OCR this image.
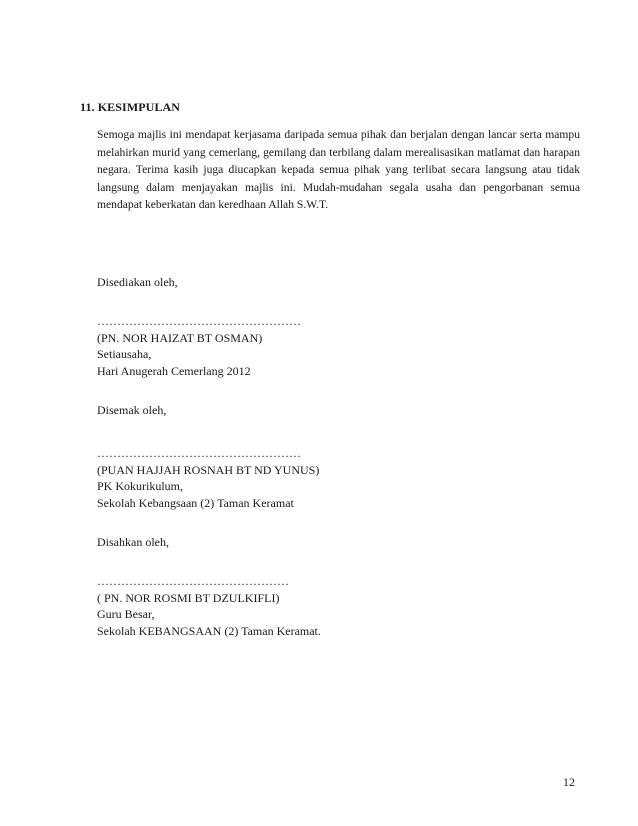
11. KESIMPULAN
Semoga majlis ini mendapat kerjasama daripada semua pihak dan berjalan dengan lancar serta mampu melahirkan murid yang cemerlang, gemilang dan terbilang dalam merealisasikan matlamat dan harapan negara. Terima kasih juga diucapkan kepada semua pihak yang terlibat secara langsung atau tidak langsung dalam menjayakan majlis ini. Mudah-mudahan segala usaha dan pengorbanan semua mendapat keberkatan dan keredhaan Allah S.W.T.
Disediakan oleh,
……………………………………………
(PN. NOR HAIZAT BT OSMAN)
Setiausaha,
Hari Anugerah Cemerlang 2012
Disemak oleh,
……………………………………………
(PUAN HAJJAH ROSNAH BT ND YUNUS)
PK Kokurikulum,
Sekolah Kebangsaan (2) Taman Keramat
Disahkan oleh,
…………………………………………
( PN. NOR ROSMI BT DZULKIFLI)
Guru Besar,
Sekolah KEBANGSAAN (2) Taman Keramat.
12
